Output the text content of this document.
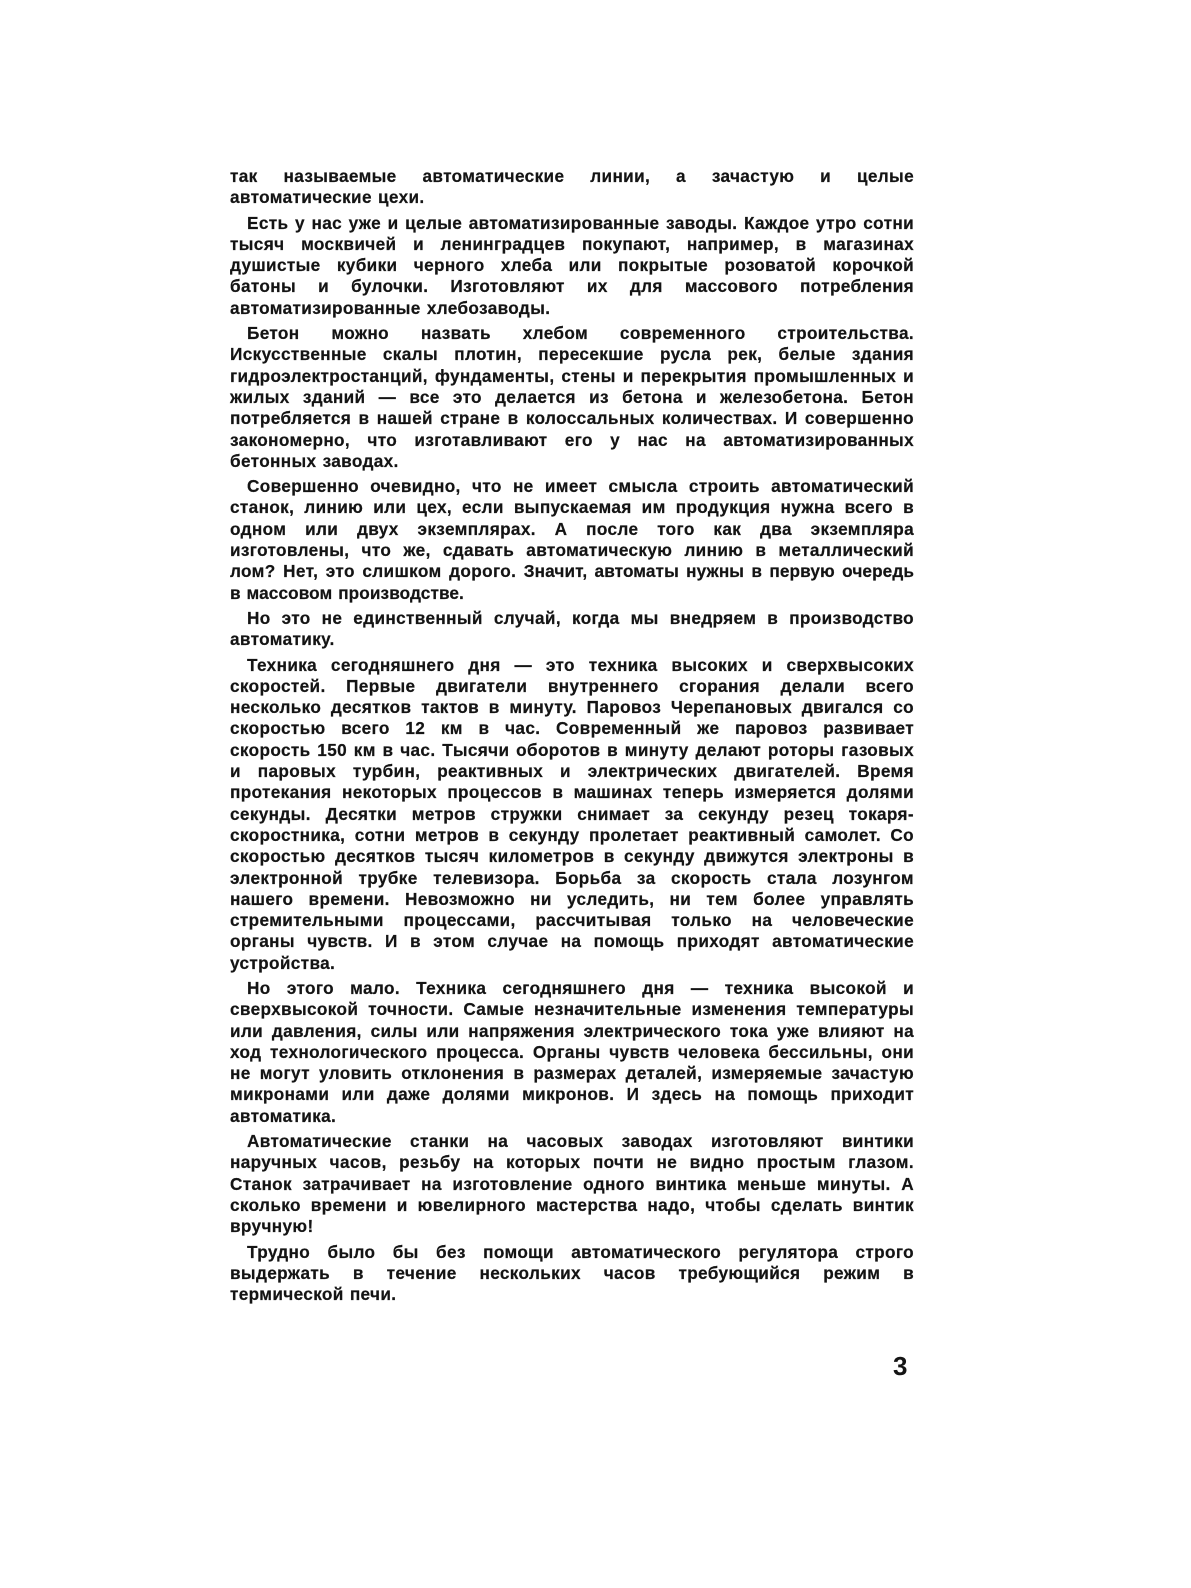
так называемые автоматические линии, а зачастую и целые автоматические цехи.

Есть у нас уже и целые автоматизированные заводы. Каждое утро сотни тысяч москвичей и ленинградцев покупают, например, в магазинах душистые кубики черного хлеба или покрытые розоватой корочкой батоны и булочки. Изготовляют их для массового потребления автоматизированные хлебозаводы.

Бетон можно назвать хлебом современного строительства. Искусственные скалы плотин, пересекшие русла рек, белые здания гидроэлектростанций, фундаменты, стены и перекрытия промышленных и жилых зданий — все это делается из бетона и железобетона. Бетон потребляется в нашей стране в колоссальных количествах. И совершенно закономерно, что изготавливают его у нас на автоматизированных бетонных заводах.

Совершенно очевидно, что не имеет смысла строить автоматический станок, линию или цех, если выпускаемая им продукция нужна всего в одном или двух экземплярах. А после того как два экземпляра изготовлены, что же, сдавать автоматическую линию в металлический лом? Нет, это слишком дорого. Значит, автоматы нужны в первую очередь в массовом производстве.

Но это не единственный случай, когда мы внедряем в производство автоматику.

Техника сегодняшнего дня — это техника высоких и сверхвысоких скоростей. Первые двигатели внутреннего сгорания делали всего несколько десятков тактов в минуту. Паровоз Черепановых двигался со скоростью всего 12 км в час. Современный же паровоз развивает скорость 150 км в час. Тысячи оборотов в минуту делают роторы газовых и паровых турбин, реактивных и электрических двигателей. Время протекания некоторых процессов в машинах теперь измеряется долями секунды. Десятки метров стружки снимает за секунду резец токаря-скоростника, сотни метров в секунду пролетает реактивный самолет. Со скоростью десятков тысяч километров в секунду движутся электроны в электронной трубке телевизора. Борьба за скорость стала лозунгом нашего времени. Невозможно ни уследить, ни тем более управлять стремительными процессами, рассчитывая только на человеческие органы чувств. И в этом случае на помощь приходят автоматические устройства.

Но этого мало. Техника сегодняшнего дня — техника высокой и сверхвысокой точности. Самые незначительные изменения температуры или давления, силы или напряжения электрического тока уже влияют на ход технологического процесса. Органы чувств человека бессильны, они не могут уловить отклонения в размерах деталей, измеряемые зачастую микронами или даже долями микронов. И здесь на помощь приходит автоматика.

Автоматические станки на часовых заводах изготовляют винтики наручных часов, резьбу на которых почти не видно простым глазом. Станок затрачивает на изготовление одного винтика меньше минуты. А сколько времени и ювелирного мастерства надо, чтобы сделать винтик вручную!

Трудно было бы без помощи автоматического регулятора строго выдержать в течение нескольких часов требующийся режим в термической печи.

3
